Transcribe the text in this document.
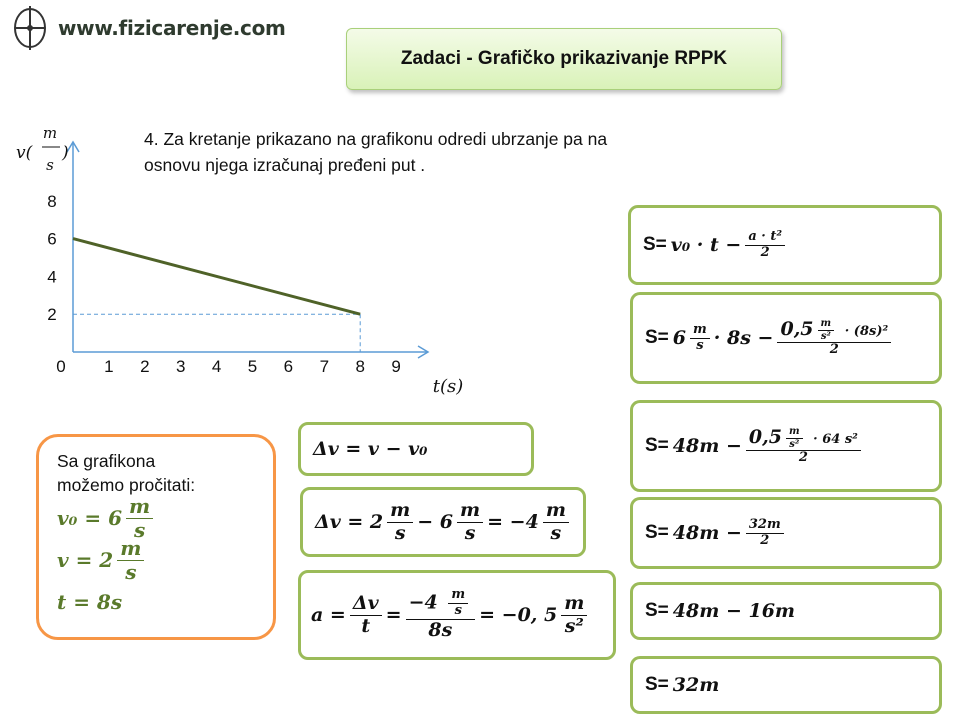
www.fizicarenje.com
Zadaci - Grafičko prikazivanje RPPK
4. Za kretanje prikazano na grafikonu odredi ubrzanje pa na osnovu njega izračunaj pređeni put .
0 1 2 3 4 5 6 7 8 9
2
4
6
8
v(
m
s
)
t(s)
Sa grafikona
možemo pročitati:
$v_0 = 6 \frac{m}{s}$
$v = 2 \frac{m}{s}$
t = 8s
Δv = v − v₀
$\Delta v = 2 \frac{m}{s} - 6 \frac{m}{s} = -4 \frac{m}{s}$
$a = \frac{\Delta v}{t} = \frac{-4 \frac{m}{s}}{8s} = -0$, $5 \frac{m}{\text{s²}}$
$S= v_0 \cdot t - \frac{\text{a · t²}}{2}$
$S= 6 \frac{m}{s} \cdot 8s - \frac{0,5 \frac{m}{\text{s²}} \cdot (8s)^2}{2}$
$S= 48m - \frac{0,5 \frac{m}{\text{s²}} \cdot 64 s^2}{2}$
$S= 48m - \frac{32m}{2}$
S= 48m − 16m
S= 32m
